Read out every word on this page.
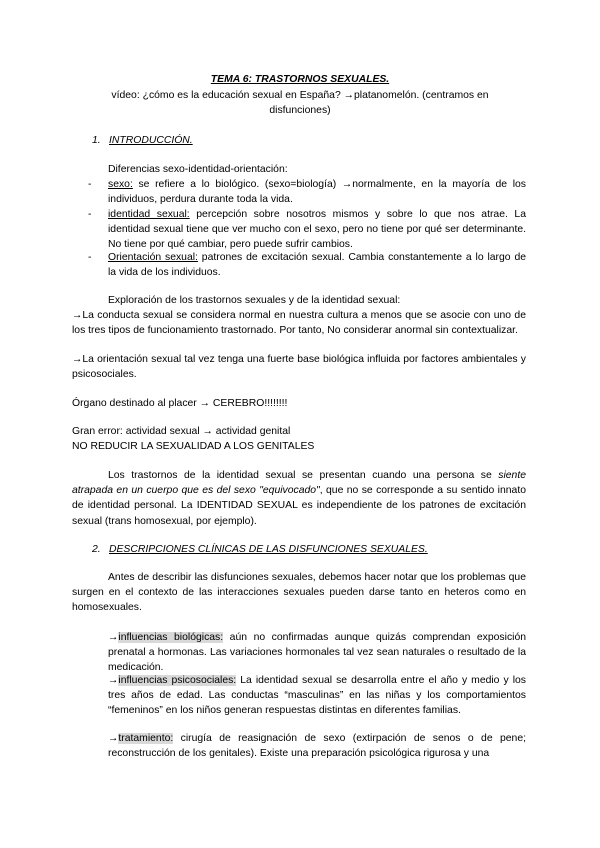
TEMA 6: TRASTORNOS SEXUALES.
vídeo: ¿cómo es la educación sexual en España? →platanomelón. (centramos en disfunciones)
1. INTRODUCCIÓN.
Diferencias sexo-identidad-orientación:
- sexo: se refiere a lo biológico. (sexo=biología) →normalmente, en la mayoría de los individuos, perdura durante toda la vida.
- identidad sexual: percepción sobre nosotros mismos y sobre lo que nos atrae. La identidad sexual tiene que ver mucho con el sexo, pero no tiene por qué ser determinante. No tiene por qué cambiar, pero puede sufrir cambios.
- Orientación sexual: patrones de excitación sexual. Cambia constantemente a lo largo de la vida de los individuos.
Exploración de los trastornos sexuales y de la identidad sexual:
→La conducta sexual se considera normal en nuestra cultura a menos que se asocie con uno de los tres tipos de funcionamiento trastornado. Por tanto, No considerar anormal sin contextualizar.
→La orientación sexual tal vez tenga una fuerte base biológica influida por factores ambientales y psicosociales.
Órgano destinado al placer → CEREBRO!!!!!!!!
Gran error: actividad sexual → actividad genital
NO REDUCIR LA SEXUALIDAD A LOS GENITALES
Los trastornos de la identidad sexual se presentan cuando una persona se siente atrapada en un cuerpo que es del sexo "equivocado", que no se corresponde a su sentido innato de identidad personal. La IDENTIDAD SEXUAL es independiente de los patrones de excitación sexual (trans homosexual, por ejemplo).
2. DESCRIPCIONES CLÍNICAS DE LAS DISFUNCIONES SEXUALES.
Antes de describir las disfunciones sexuales, debemos hacer notar que los problemas que surgen en el contexto de las interacciones sexuales pueden darse tanto en heteros como en homosexuales.
→influencias biológicas: aún no confirmadas aunque quizás comprendan exposición prenatal a hormonas. Las variaciones hormonales tal vez sean naturales o resultado de la medicación.
→influencias psicosociales: La identidad sexual se desarrolla entre el año y medio y los tres años de edad. Las conductas “masculinas” en las niñas y los comportamientos “femeninos” en los niños generan respuestas distintas en diferentes familias.
→tratamiento: cirugía de reasignación de sexo (extirpación de senos o de pene; reconstrucción de los genitales). Existe una preparación psicológica rigurosa y una
